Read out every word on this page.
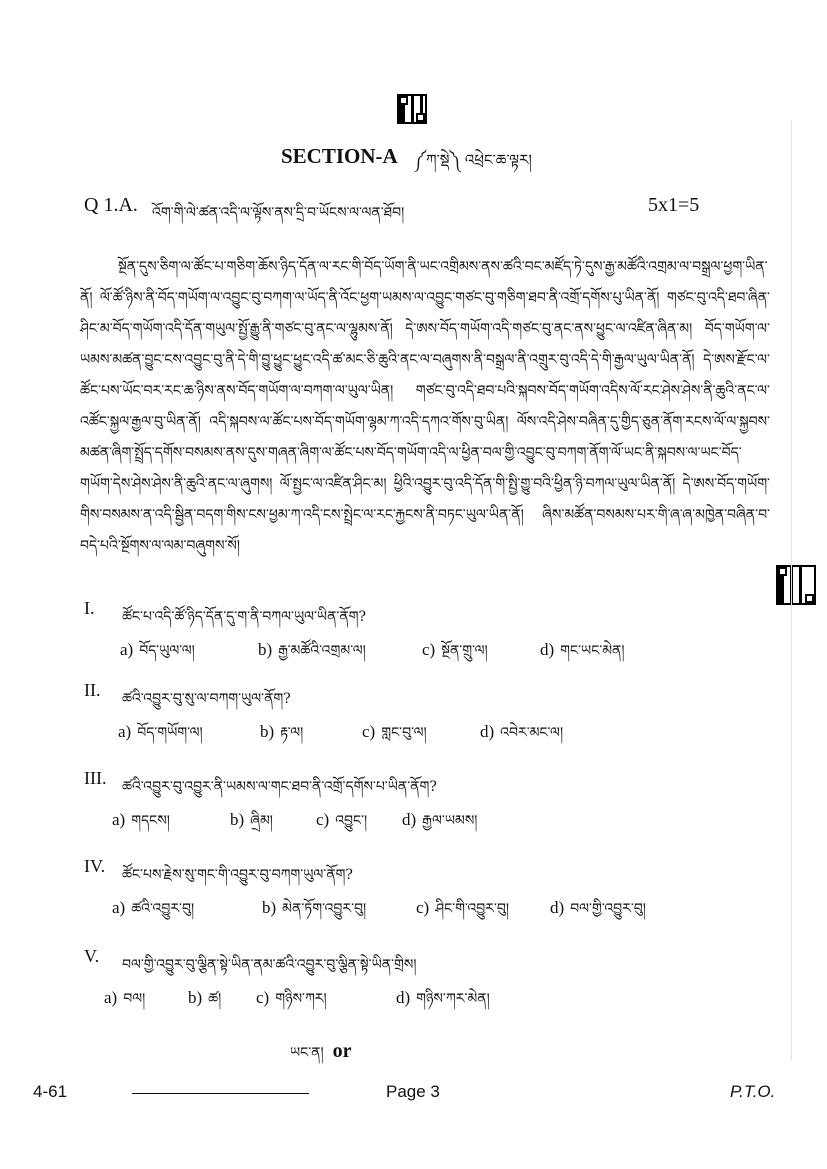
SECTION-A ༼ཀ་སྡེ༽ འཕྲེང་ཆ་ལྟར།
Q 1.A. འོག་གི་ལེ་ཚན་འདི་ལ་ལྟོས་ནས་དྲི་བ་ཡོངས་ལ་ལན་ཐོབ།	5x1=5
སྔོན་དུས་ཅིག་ལ་ཚོང་པ་གཅིག་ཆོས་ཉིད་དོན་ལ་རང་གི་བོད་ཡོག་ནི་ཡང་འགྲིམས་ནས་ཚའི་བང་མཛོད་ཏེ་དུས་རྒྱ་མཚོའི་འགྲམ་ལ་བསྒྲལ་ཕྱག་ཡིན་ནོ། ལོ་ཚོ་ཉིས་ནི་བོད་གཡོག་ལ་འབྱུང་བུ་བཀག་ལ་ཡོད་ནི་འོང་ཕྱག་ཡམས་ལ་འབྱུང་གཙང་བུ་གཅིག་ཐབ་ནི་འགྲོ་དགོས་པུ་ཡིན་ནོ། གཙང་བུ་འདི་ཐབ་ཞིན་ཤིང་མ་བོད་གཡོག་འདི་དོན་གཡུལ་སྤྱོ་རྒྱུ་ནི་གཙང་བུ་ནང་ལ་ལྷུམས་ནོ། དེ་ཨས་བོད་གཡོག་འདི་གཙང་བུ་ནང་ནས་ཕྱུང་ལ་འཛིན་ཞིན་མ། བོད་གཡོག་ལ་ཡམས་མཚན་བྱུང་ངས་འབྱུང་བུ་ནི་དེ་གི་བྱུ་ཕྱུང་ཕྱུང་འདི་ཚ་མང་ཅི་ཆུའི་ནང་ལ་བཞུགས་ནི་བསྒྲལ་ནི་འགྲུར་བུ་འདི་དེ་གི་རྒྱལ་ཡུལ་ཡིན་ནོ། དེ་ཨས་རྫོང་ལ་ཚོང་པས་ཡོང་བར་རང་ཆ་ཉིས་ནས་བོད་གཡོག་ལ་བཀག་ལ་ཡུལ་ཡིན། གཙང་བུ་འདི་ཐབ་པའི་སྐབས་བོད་གཡོག་འདིས་ལོ་རང་ཤེས་ཤེས་ནི་ཆུའི་ནང་ལ་འཚོང་སྐྱལ་རྒྱལ་བུ་ཡིན་ནོ། འདི་སྐབས་ལ་ཚོང་པས་བོད་གཡོག་ལྷམ་ཀ་འདི་དཀའ་གོས་བུ་ཡིན། ལོས་འདི་ཤེས་བཞིན་དུ་གྱིད་ཅུན་ནོག་རངས་ལོ་ལ་སྐྱབས་མཚན་ཞིག་སྤྲོད་དགོས་བསམས་ནས་དུས་གཞན་ཞིག་ལ་ཚོང་པས་བོད་གཡོག་འདི་ལ་ཕྱིན་བལ་གྱི་འབྱུང་བུ་བཀག་ནོག་ལོ་ཡང་ནི་སྐབས་ལ་ཡང་བོད་གཡོག་དེས་ཤེས་ཤེས་ནི་ཆུའི་ནང་ལ་ཞུགས། ལོ་སྤྱང་ལ་འཛིན་ཤིང་མ། ཕྱིའི་འབྱུར་བུ་འདི་དོན་གི་སྤྱི་གྱུ་བའི་ཕྱིན་ཉི་བཀལ་ཡུལ་ཡིན་ནོ། དེ་ཨས་བོད་གཡོག་གིས་བསམས་ན་འདི་སྦྱིན་བདག་གིས་ངས་ཕྱམ་ཀ་འདི་ངས་སྤྲེང་ལ་རང་རྐྱངས་ནི་བཏང་ཡུལ་ཡིན་ནོ། ཞིས་མཚོན་བསམས་པར་གི་ཞ་ཞ་མཁྱེན་བཞིན་བ་བདེ་པའི་སྔོགས་ལ་ལམ་བཞུགས་སོ།
I. ཚོང་པ་འདི་ཚོ་ཉིད་དོན་དུ་ག་ནི་བཀལ་ཡུལ་ཡིན་ནོག?
a) བོད་ཡུལ་ལ།	b) རྒྱ་མཚོའི་འགྲམ་ལ།	c) སྔོན་གྲུ་ལ།	d) གང་ཡང་མེན།
II. ཚའི་འབྱུར་བུ་སུ་ལ་བཀག་ཡུལ་ནོག?
a) བོད་གཡོག་ལ།	b) རྟ་ལ།	c) གླང་བུ་ལ།	d) འབེར་མང་ལ།
III. ཚའི་འབྱུར་བུ་འབྱུར་ནི་ཡམས་ལ་གང་ཐབ་ནི་འགྲོ་དགོས་པ་ཡིན་ནོག?
a) གདངས།	b) ཞྲིམ།	c) འབྱུང་། d) རྒྱལ་ཡམས།
IV. ཚོང་པས་རྗེས་སུ་གང་གི་འབྱུར་བུ་བཀག་ཡུལ་ནོག?
a) ཚའི་འབྱུར་བུ།	b) མེན་ཏོག་འབྱུར་བུ།	c) ཤིང་གི་འབྱུར་བུ། d) བལ་གྱི་འབྱུར་བུ།
V. བལ་གྱི་འབྱུར་བུ་ལྕིན་སྟེ་ཡིན་ནམ་ཚའི་འབྱུར་བུ་ལྕིན་སྟེ་ཡིན་གྲིས།
a) བལ།	b) ཚ། c) གཉིས་ཀར།	d) གཉིས་ཀར་མེན།
ཡང་ན། or
4-61	Page 3	P.T.O.
